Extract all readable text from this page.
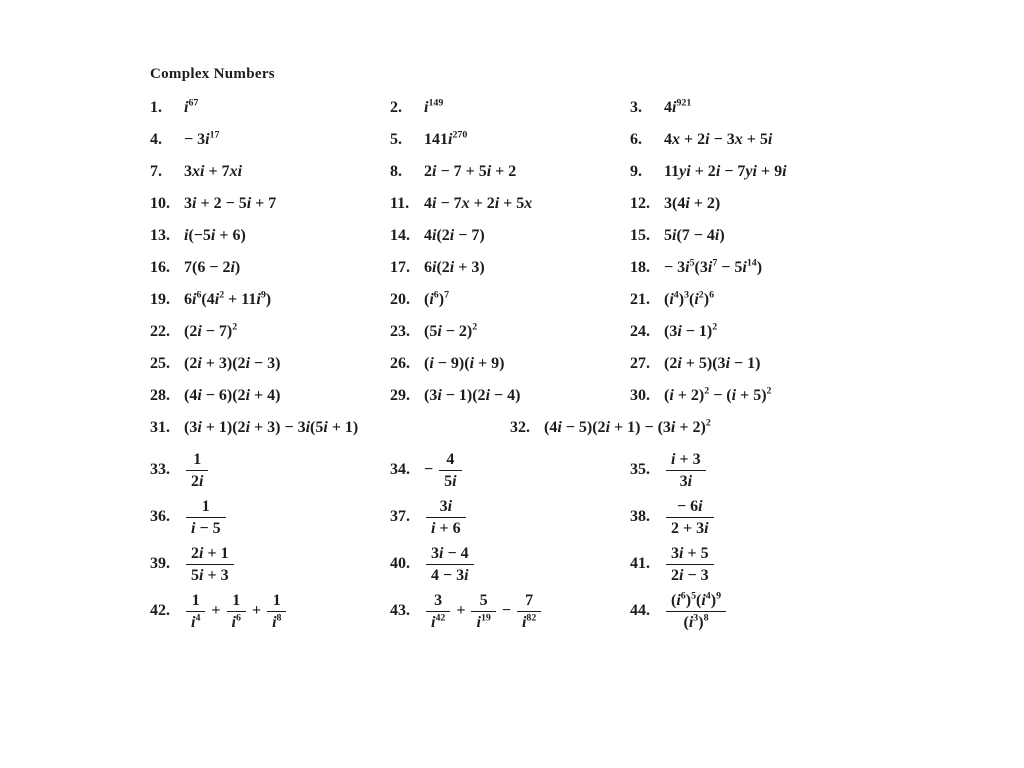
Complex Numbers
1.	$i^{67}$	2.	$i^{149}$	3.	$4i^{921}$
4.	− $3i^{17}$	5.	$141i^{270}$	6.	4x + 2i − 3x + 5i
7.	3xi + 7xi	8.	2i − 7 + 5i + 2	9.	11yi + 2i − 7yi + 9i
10. 3i + 2 − 5i + 7	11. 4i − 7x + 2i + 5x	12. 3(4i + 2)
13. i(−5i + 6)	14. 4i(2i − 7)	15. 5i(7 − 4i)
16. 7(6 − 2i)	17. 6i(2i + 3)	18. − $3i^5(3i^7 - 5i^{14})$
19. $6i^6(4i^2 + 11i^9)$	20. $(i^6)^7$	21. $(i^4)^3(i^2)^6$
22. $(2i - 7)^2$	23. $(5i - 2)^2$	24. $(3i - 1)^2$
25. (2i + 3)(2i − 3)	26. (i − 9)(i + 9)	27. (2i + 5)(3i − 1)
28. (4i − 6)(2i + 4)	29. (3i − 1)(2i − 4)	30. $(i + 2)^2 - (i + 5)^2$
31. (3i + 1)(2i + 3) − 3i(5i + 1)	32. $(4i - 5)(2i + 1) - (3i + 2)^2$
33.	$\frac{1}{2i}$	34. − $\frac{4}{5i}$	35.	$\frac{i + 3}{3i}$
36.	$\frac{1}{i - 5}$	37.	$\frac{3i}{i + 6}$	38.	$\frac{- 6i}{2 + 3i}$
39.	$\frac{2i + 1}{5i + 3}$	40.	$\frac{3i - 4}{4 - 3i}$	41.	$\frac{3i + 5}{2i - 3}$
42.	$\frac{1}{i^4} + \frac{1}{i^6} + \frac{1}{i^8}$	43.	$\frac{3}{i^{42}} + \frac{5}{i^{19}} - \frac{7}{i^{82}}$	44.	$\frac{(i^6)^5(i^4)^9}{(i^3)^8}$
